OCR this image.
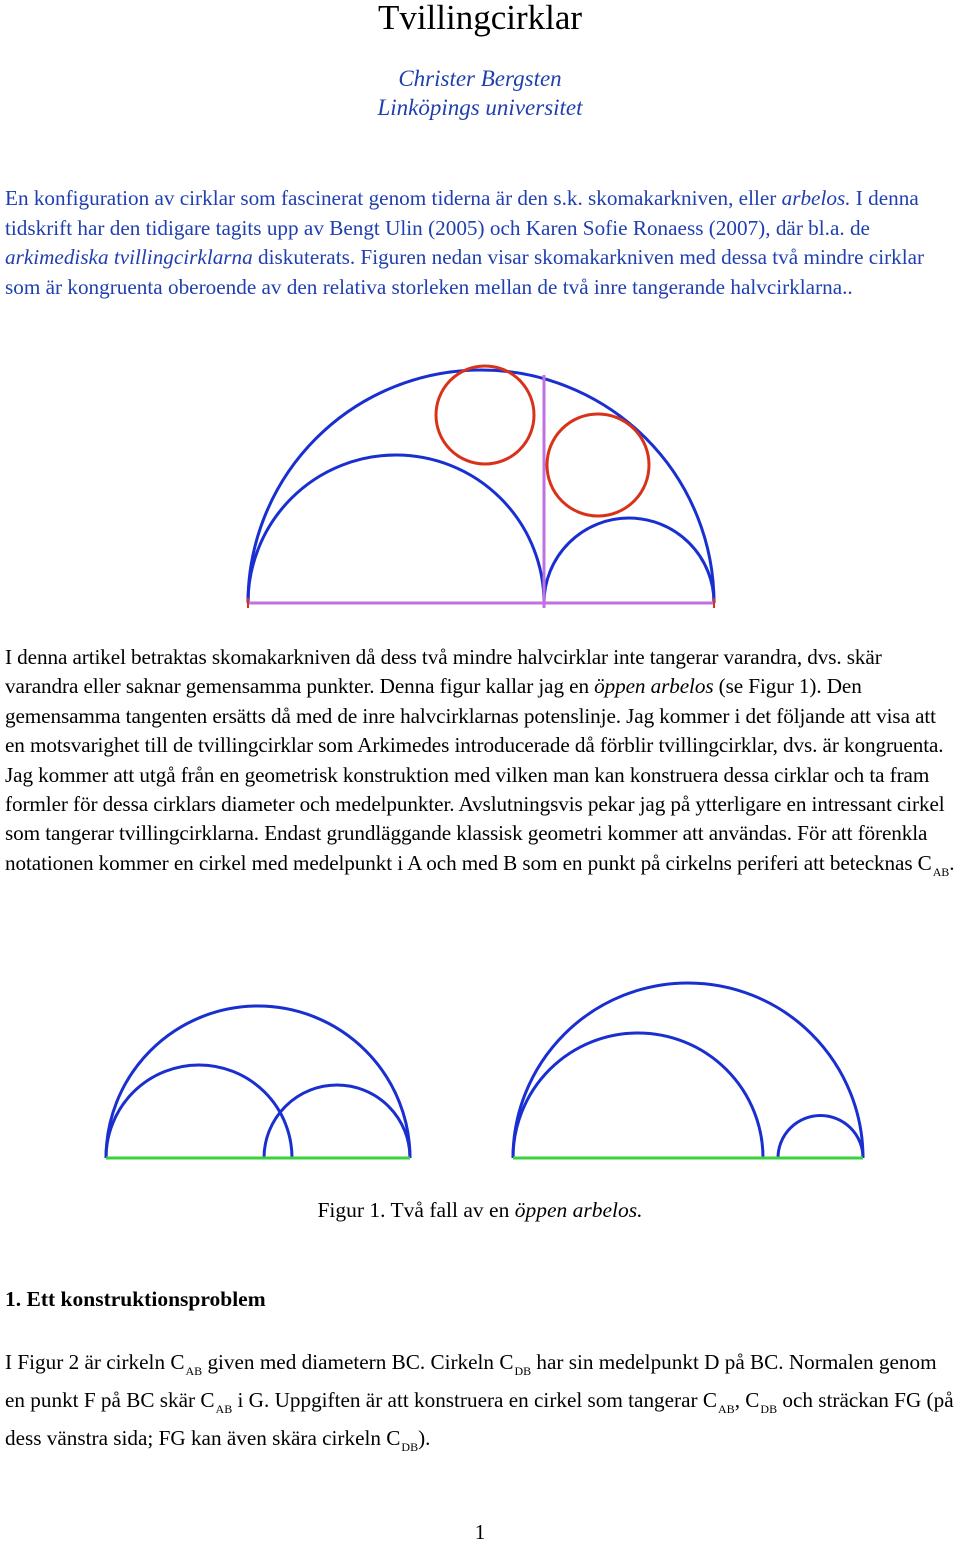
Tvillingcirklar
Christer Bergsten
Linköpings universitet

En konfiguration av cirklar som fascinerat genom tiderna är den s.k. skomakarkniven, eller arbelos. I denna tidskrift har den tidigare tagits upp av Bengt Ulin (2005) och Karen Sofie Ronaess (2007), där bl.a. de arkimediska tvillingcirklarna diskuterats. Figuren nedan visar skomakarkniven med dessa två mindre cirklar som är kongruenta oberoende av den relativa storleken mellan de två inre tangerande halvcirklarna..

I denna artikel betraktas skomakarkniven då dess två mindre halvcirklar inte tangerar varandra, dvs. skär varandra eller saknar gemensamma punkter. Denna figur kallar jag en öppen arbelos (se Figur 1). Den gemensamma tangenten ersätts då med de inre halvcirklarnas potenslinje. Jag kommer i det följande att visa att en motsvarighet till de tvillingcirklar som Arkimedes introducerade då förblir tvillingcirklar, dvs. är kongruenta. Jag kommer att utgå från en geometrisk konstruktion med vilken man kan konstruera dessa cirklar och ta fram formler för dessa cirklars diameter och medelpunkter. Avslutningsvis pekar jag på ytterligare en intressant cirkel som tangerar tvillingcirklarna. Endast grundläggande klassisk geometri kommer att användas. För att förenkla notationen kommer en cirkel med medelpunkt i A och med B som en punkt på cirkelns periferi att betecknas $C_{AB}$.

Figur 1. Två fall av en öppen arbelos.
1. Ett konstruktionsproblem

I Figur 2 är cirkeln $C_{AB}$ given med diametern BC. Cirkeln $C_{DB}$ har sin medelpunkt D på BC. Normalen genom en punkt F på BC skär $C_{AB}$ i G. Uppgiften är att konstruera en cirkel som tangerar $C_{AB}$, $C_{DB}$ och sträckan FG (på dess vänstra sida; FG kan även skära cirkeln $C_{DB}$).

1
